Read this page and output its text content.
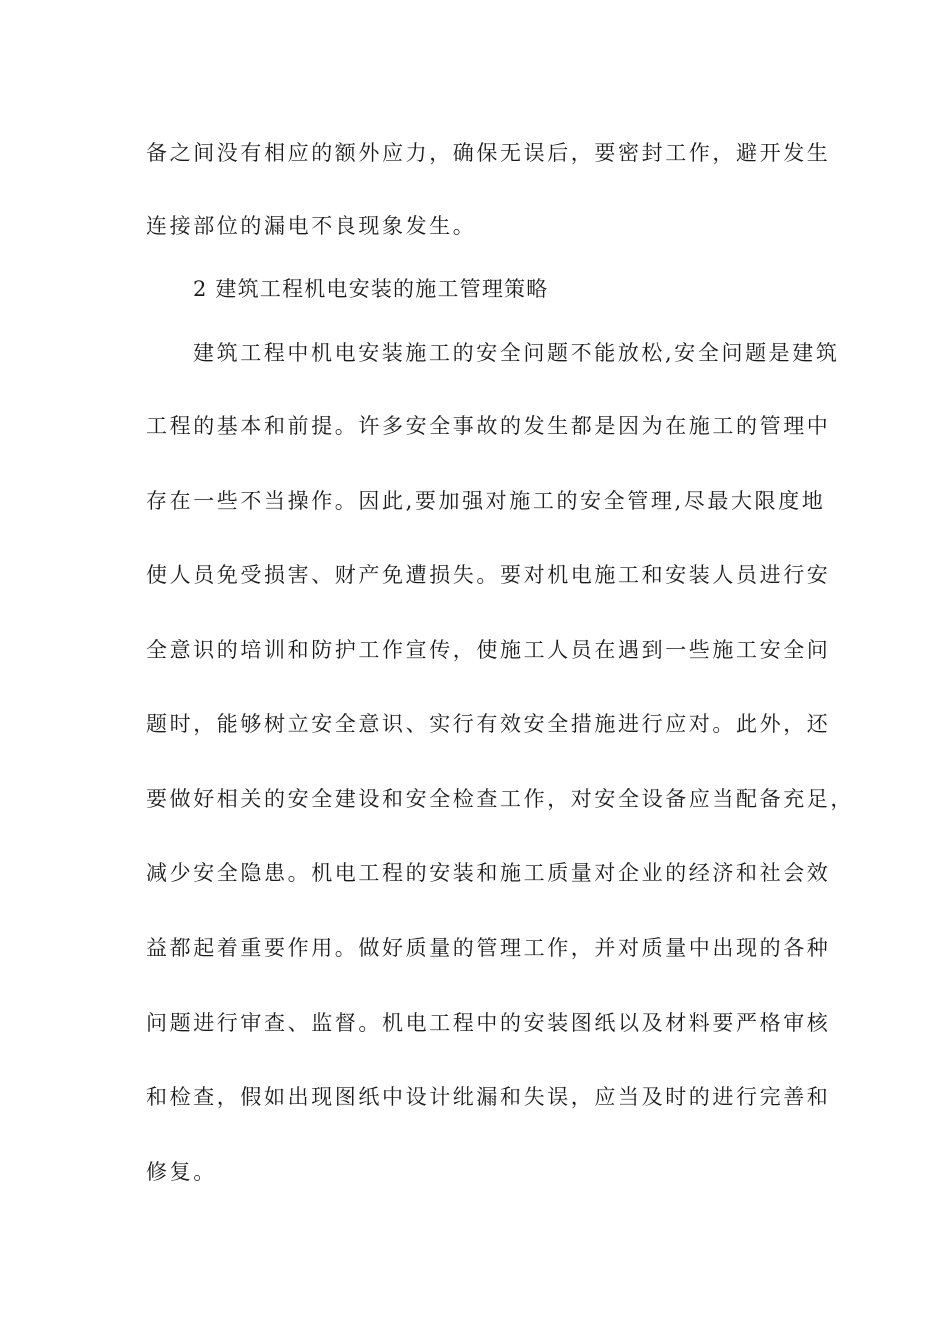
备之间没有相应的额外应力，确保无误后，要密封工作，避开发生
连接部位的漏电不良现象发生。
2 建筑工程机电安装的施工管理策略
建筑工程中机电安装施工的安全问题不能放松,安全问题是建筑
工程的基本和前提。许多安全事故的发生都是因为在施工的管理中
存在一些不当操作。因此,要加强对施工的安全管理,尽最大限度地
使人员免受损害、财产免遭损失。要对机电施工和安装人员进行安
全意识的培训和防护工作宣传，使施工人员在遇到一些施工安全问
题时，能够树立安全意识、实行有效安全措施进行应对。此外，还
要做好相关的安全建设和安全检查工作，对安全设备应当配备充足，
减少安全隐患。机电工程的安装和施工质量对企业的经济和社会效
益都起着重要作用。做好质量的管理工作，并对质量中出现的各种
问题进行审查、监督。机电工程中的安装图纸以及材料要严格审核
和检查，假如出现图纸中设计纰漏和失误，应当及时的进行完善和
修复。
